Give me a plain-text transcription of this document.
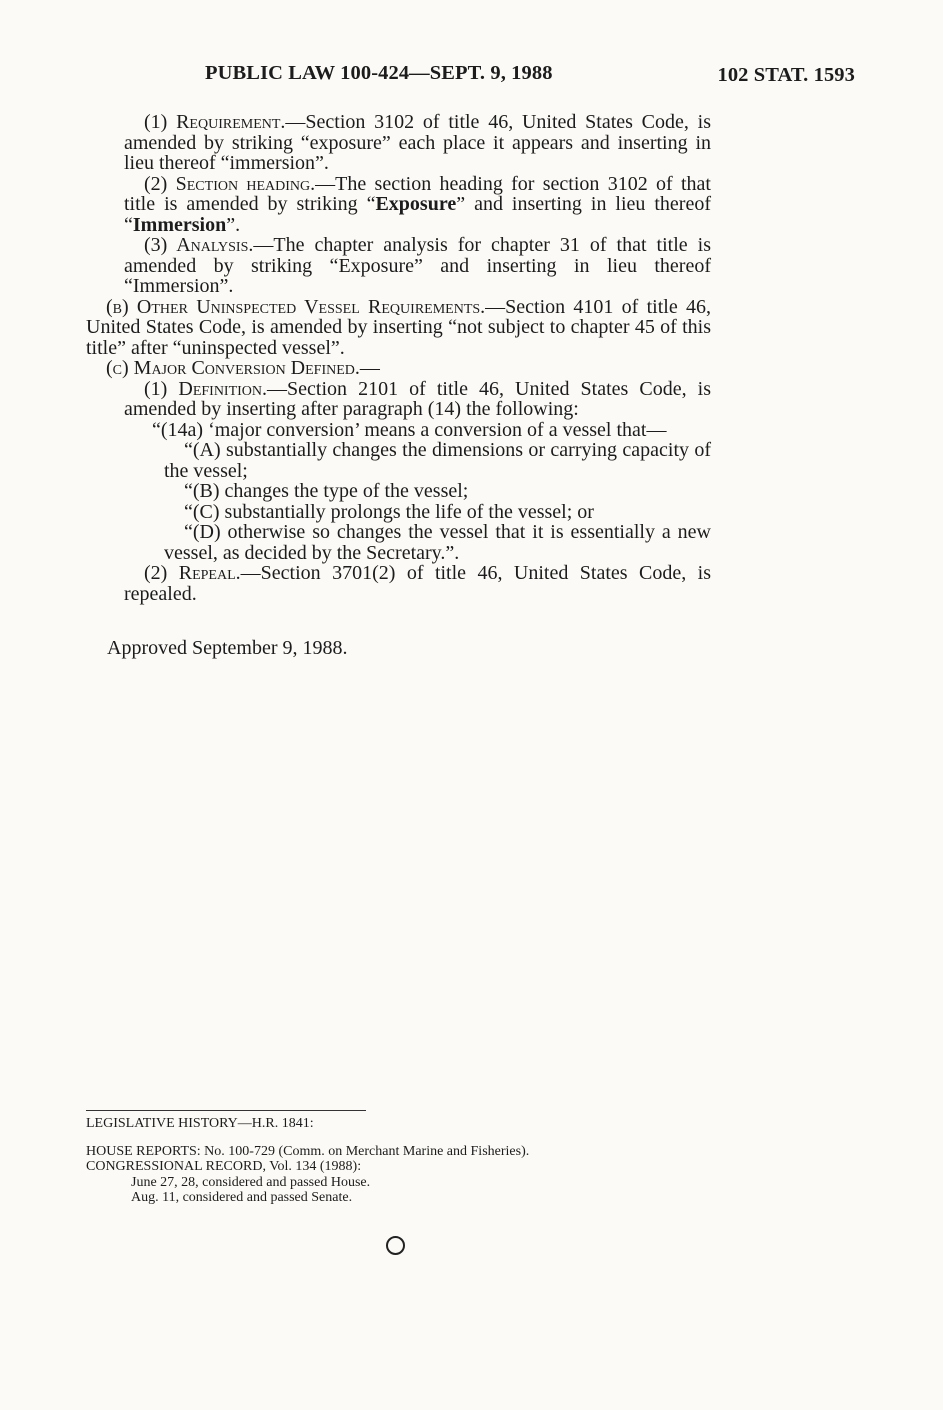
PUBLIC LAW 100-424—SEPT. 9, 1988	102 STAT. 1593

(1) Requirement.—Section 3102 of title 46, United States Code, is amended by striking “exposure” each place it appears and inserting in lieu thereof “immersion”.

(2) Section heading.—The section heading for section 3102 of that title is amended by striking “Exposure” and inserting in lieu thereof “Immersion”.

(3) Analysis.—The chapter analysis for chapter 31 of that title is amended by striking “Exposure” and inserting in lieu thereof “Immersion”.

(b) Other Uninspected Vessel Requirements.—Section 4101 of title 46, United States Code, is amended by inserting “not subject to chapter 45 of this title” after “uninspected vessel”.

(c) Major Conversion Defined.—

(1) Definition.—Section 2101 of title 46, United States Code, is amended by inserting after paragraph (14) the following:

“(14a) ‘major conversion’ means a conversion of a vessel that—

“(A) substantially changes the dimensions or carrying capacity of the vessel;

“(B) changes the type of the vessel;

“(C) substantially prolongs the life of the vessel; or

“(D) otherwise so changes the vessel that it is essentially a new vessel, as decided by the Secretary.”.

(2) Repeal.—Section 3701(2) of title 46, United States Code, is repealed.

Approved September 9, 1988.
LEGISLATIVE HISTORY—H.R. 1841:
HOUSE REPORTS: No. 100-729 (Comm. on Merchant Marine and Fisheries).
CONGRESSIONAL RECORD, Vol. 134 (1988):
June 27, 28, considered and passed House.
Aug. 11, considered and passed Senate.
